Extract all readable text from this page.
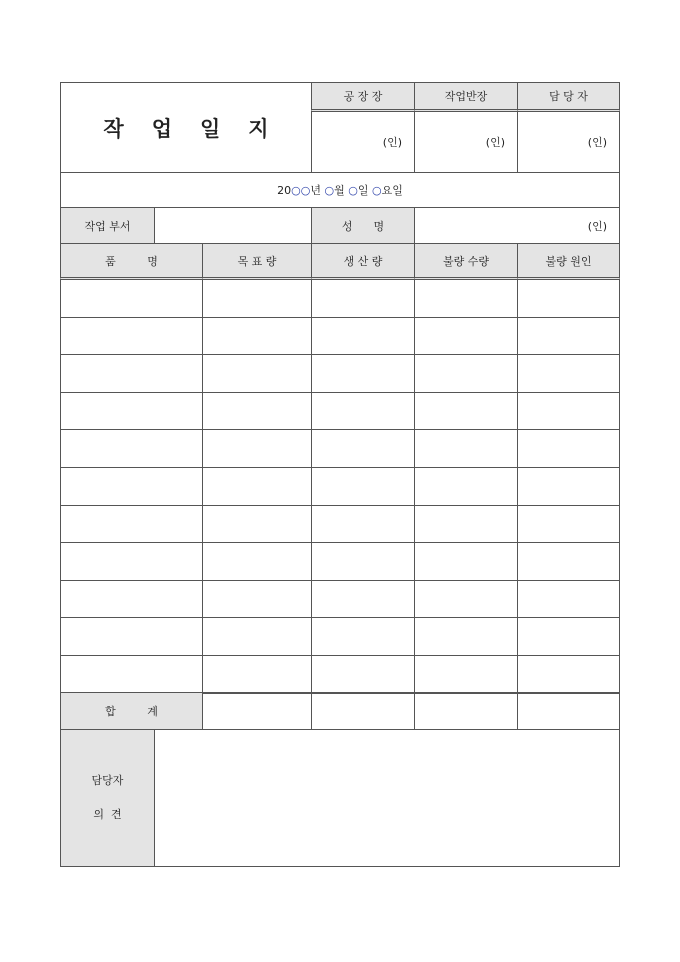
작 업 일 지
공 장 장	작업반장	담 당 자
(인)	(인)	(인)
20 ○○ 년
○ 월
○ 일
○ 요일
작업 부서	성      명	(인)
품         명	목 표 량	생 산 량	불량 수량	불량 원인
합         계
담당자
의  견
